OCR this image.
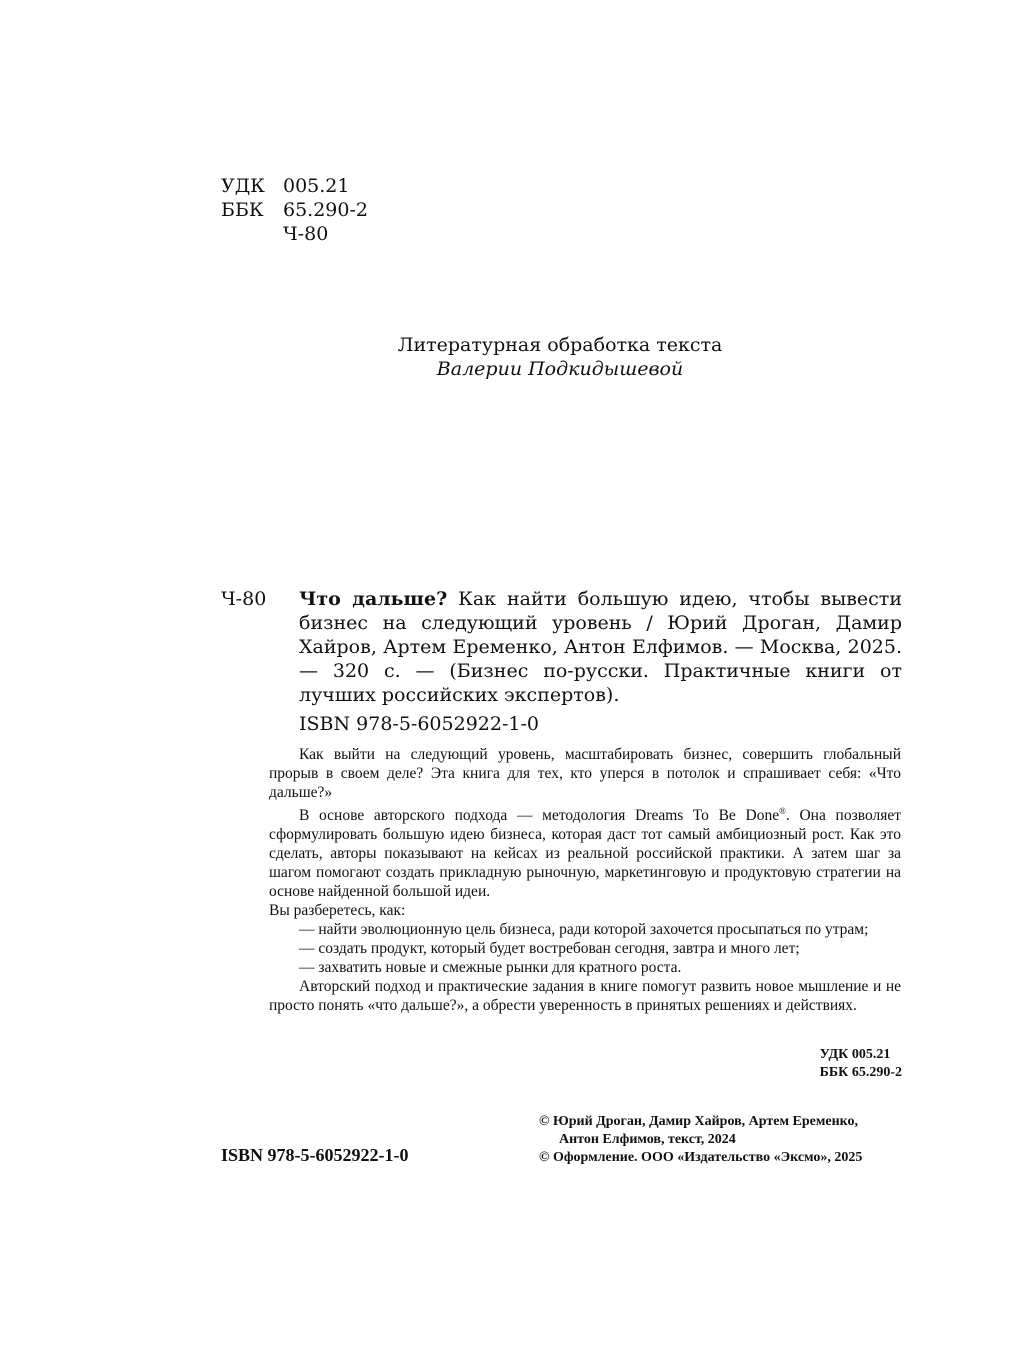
УДК 005.21
ББК	65.290-2
Ч-80
Литературная обработка текста
Валерии Подкидышевой
Ч-80 Что дальше? Как найти большую идею, чтобы вывести бизнес на следующий уровень / Юрий Дроган, Дамир Хайров, Артем Еременко, Антон Елфимов. — Москва, 2025. — 320 с. — (Бизнес по-русски. Практичные книги от лучших российских экспертов).
ISBN 978-5-6052922-1-0

Как выйти на следующий уровень, масштабировать бизнес, совершить глобальный прорыв в своем деле? Эта книга для тех, кто уперся в потолок и спрашивает себя: «Что дальше?»

В основе авторского подхода — методология Dreams To Be Done®. Она позволяет сформулировать большую идею бизнеса, которая даст тот самый амбициозный рост. Как это сделать, авторы показывают на кейсах из реальной российской практики. А затем шаг за шагом помогают создать прикладную рыночную, маркетинговую и продуктовую стратегии на основе найденной большой идеи.

Вы разберетесь, как:

— найти эволюционную цель бизнеса, ради которой захочется просыпаться по утрам;

— создать продукт, который будет востребован сегодня, завтра и много лет;

— захватить новые и смежные рынки для кратного роста.

Авторский подход и практические задания в книге помогут развить новое мышление и не просто понять «что дальше?», а обрести уверенность в принятых решениях и действиях.

УДК 005.21
ББК 65.290-2
ISBN 978-5-6052922-1-0
© Юрий Дроган, Дамир Хайров, Артем Еременко,
Антон Елфимов, текст, 2024
© Оформление. ООО «Издательство «Эксмо», 2025
